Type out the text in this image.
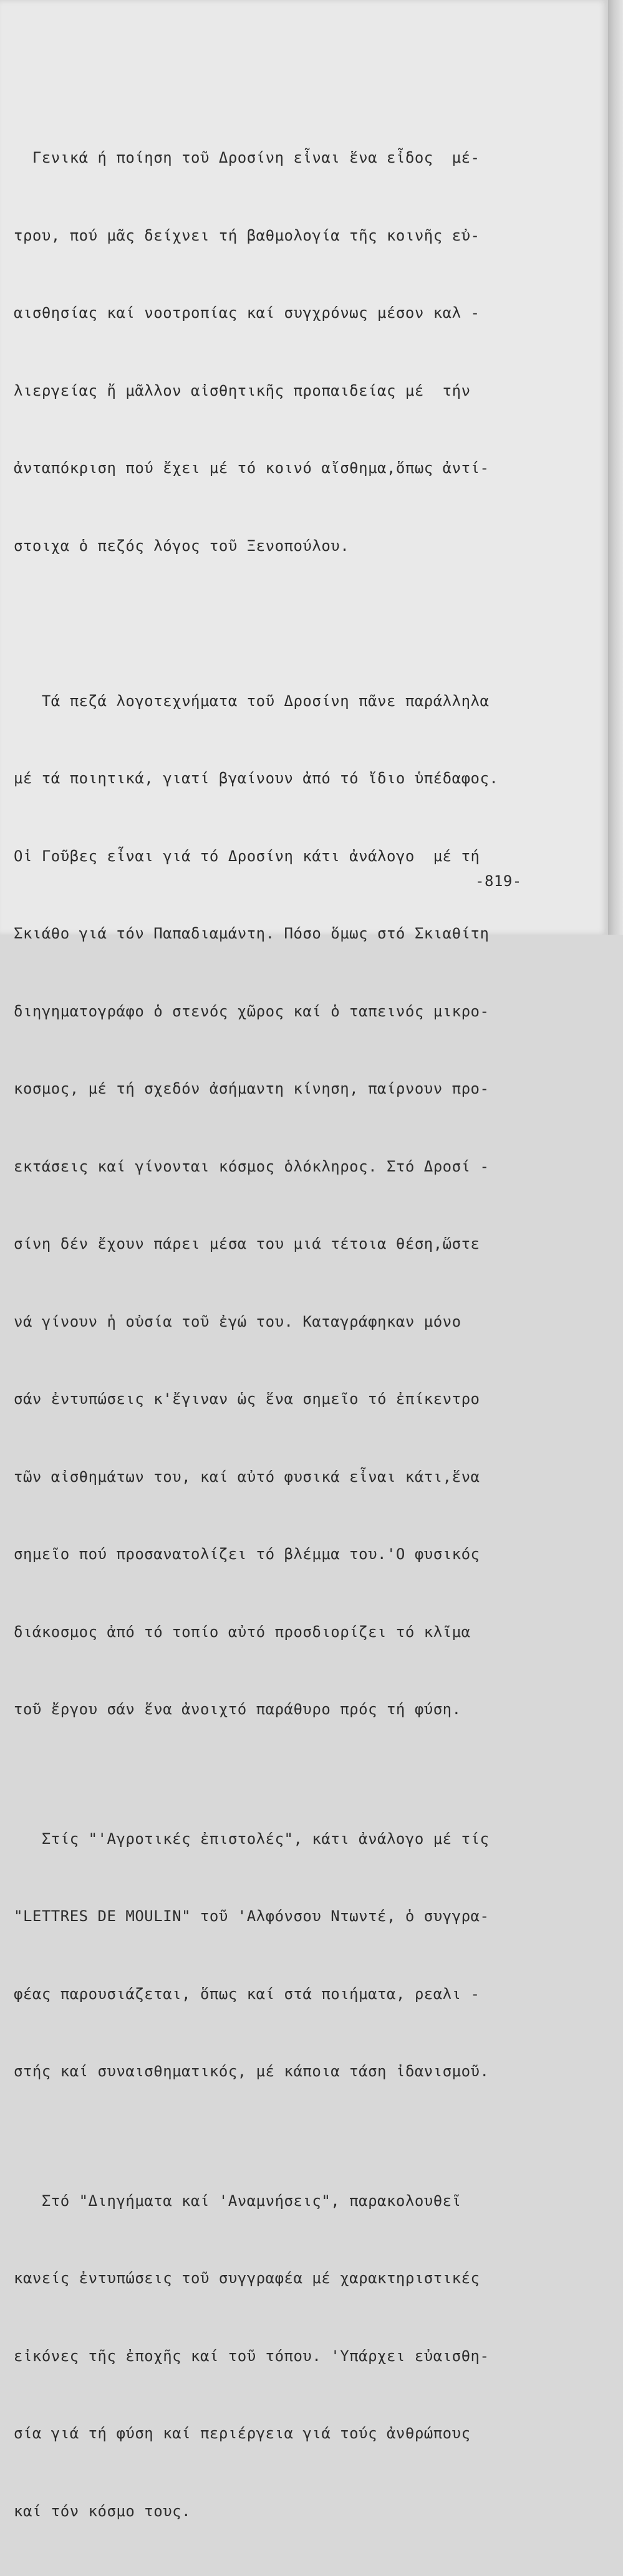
Γενικά ή ποίηση τοῦ Δροσίνη εἶναι ἕνα εἶδος  μέ-

τρου, πού μᾶς δείχνει τή βαθμολογία τῆς κοινῆς εὐ-

αισθησίας καί νοοτροπίας καί συγχρόνως μέσον καλ -

λιεργείας ἤ μᾶλλον αἰσθητικῆς προπαιδείας μέ  τήν

ἀνταπόκριση πού ἔχει μέ τό κοινό αἴσθημα,ὅπως ἀντί-

στοιχα ὁ πεζός λόγος τοῦ Ξενοπούλου.

Τά πεζά λογοτεχνήματα τοῦ Δροσίνη πᾶνε παράλληλα

μέ τά ποιητικά, γιατί βγαίνουν ἀπό τό ἴδιο ὑπέδαφος.

Οἱ Γοῦβες εἶναι γιά τό Δροσίνη κάτι ἀνάλογο  μέ τή

Σκιάθο γιά τόν Παπαδιαμάντη. Πόσο ὅμως στό Σκιαθίτη

διηγηματογράφο ὁ στενός χῶρος καί ὁ ταπεινός μικρο-

κοσμος, μέ τή σχεδόν ἀσήμαντη κίνηση, παίρνουν προ-

εκτάσεις καί γίνονται κόσμος ὁλόκληρος. Στό Δροσί -

σίνη δέν ἔχουν πάρει μέσα του μιά τέτοια θέση,ὥστε

νά γίνουν ἡ οὐσία τοῦ ἐγώ του. Καταγράφηκαν μόνο

σάν ἐντυπώσεις κ'ἔγιναν ὡς ἕνα σημεῖο τό ἐπίκεντρο

τῶν αἰσθημάτων του, καί αὐτό φυσικά εἶναι κάτι,ἕνα

σημεῖο πού προσανατολίζει τό βλέμμα του.'Ο φυσικός

διάκοσμος ἀπό τό τοπίο αὐτό προσδιορίζει τό κλῖμα

τοῦ ἔργου σάν ἕνα ἀνοιχτό παράθυρο πρός τή φύση.

Στίς "'Αγροτικές ἐπιστολές", κάτι ἀνάλογο μέ τίς

"LETTRES DE MOULIN" τοῦ 'Αλφόνσου Ντωντέ, ὁ συγγρα-

φέας παρουσιάζεται, ὅπως καί στά ποιήματα, ρεαλι -

στής καί συναισθηματικός, μέ κάποια τάση ἰδανισμοῦ.

Στό "Διηγήματα καί 'Αναμνήσεις", παρακολουθεῖ

κανείς ἐντυπώσεις τοῦ συγγραφέα μέ χαρακτηριστικές

εἰκόνες τῆς ἐποχῆς καί τοῦ τόπου. 'Υπάρχει εὐαισθη-

σία γιά τή φύση καί περιέργεια γιά τούς ἀνθρώπους

καί τόν κόσμο τους.

-819-
